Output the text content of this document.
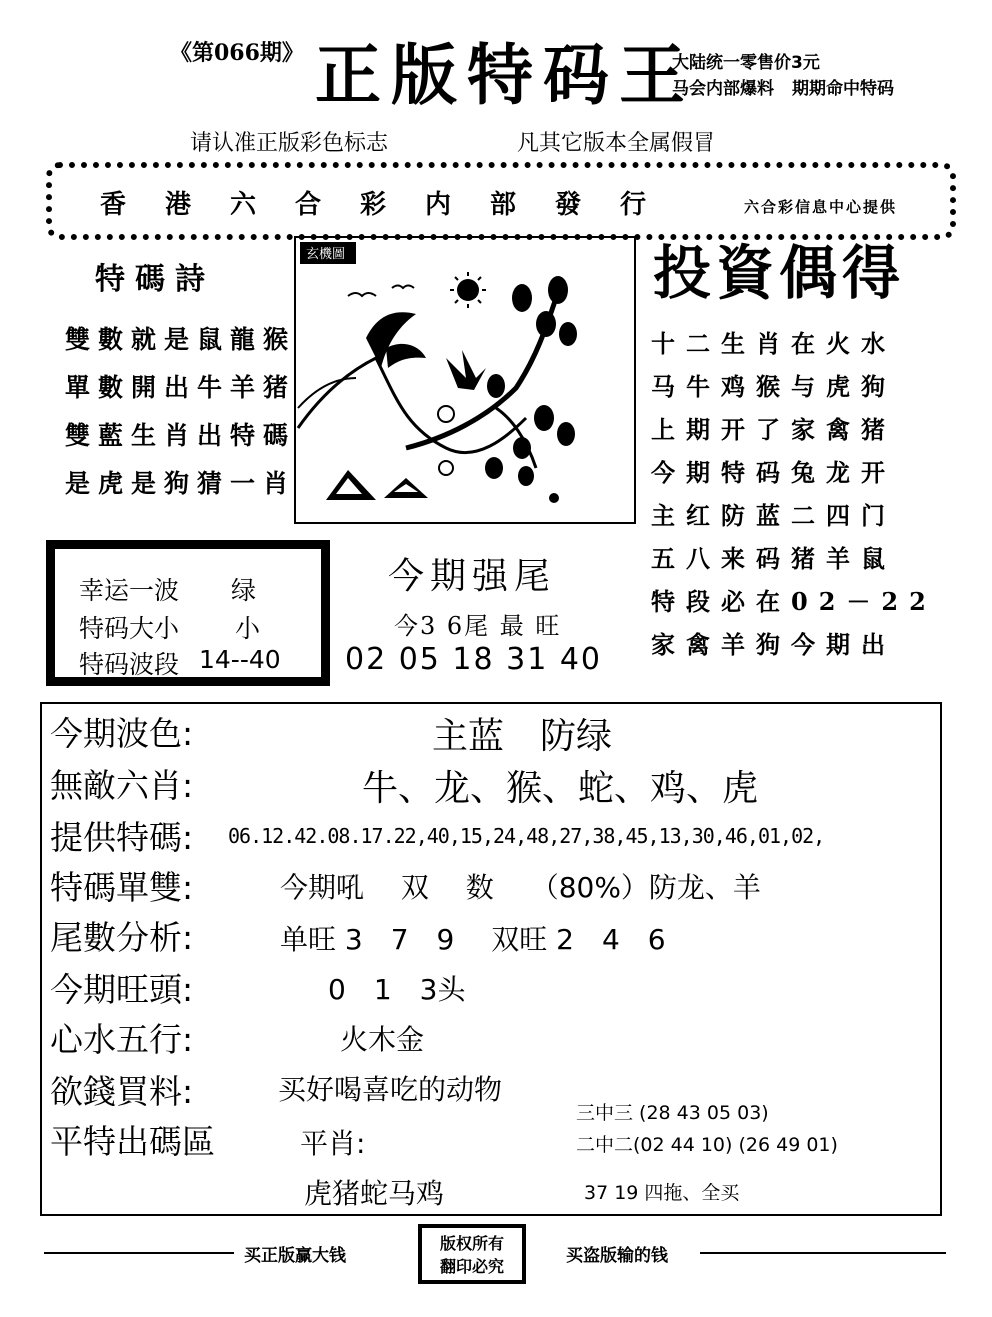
《第066期》 正版特码王
大陆统一零售价3元
马会内部爆料 期期命中特码
请认准正版彩色标志	凡其它版本全属假冒
香港六合彩内部發行	六合彩信息中心提供
特碼詩
雙數就是鼠龍猴
單數開出牛羊猪
雙藍生肖出特碼
是虎是狗猜一肖
玄機圖	投資偶得
十二生肖在火水
马牛鸡猴与虎狗
上期开了家禽猪
今期特码兔龙开
主红防蓝二四门
五八来码猪羊鼠
特段必在02－22
家禽羊狗今期出
幸运一波 绿
特码大小 小
特码波段 14--40
今期强尾
今3 6尾 最 旺
02 05 18 31 40
今期波色:	主蓝　防绿
無敵六肖:	牛、龙、猴、蛇、鸡、虎
提供特碼: 06.12.42.08.17.22,40,15,24,48,27,38,45,13,30,46,01,02,
特碼單雙:	今期吼　 双　 数　 （80%）防龙、羊
尾數分析:	单旺 3　7　9　 双旺 2　4　6
今期旺頭:	0　1　3头
心水五行:	火木金
欲錢買料:	买好喝喜吃的动物
平特出碼區	平肖:
虎猪蛇马鸡
三中三 (28 43 05 03)
二中二(02 44 10) (26 49 01)
37 19 四拖、全买
买正版赢大钱
版权所有
翻印必究
买盗版输的钱
